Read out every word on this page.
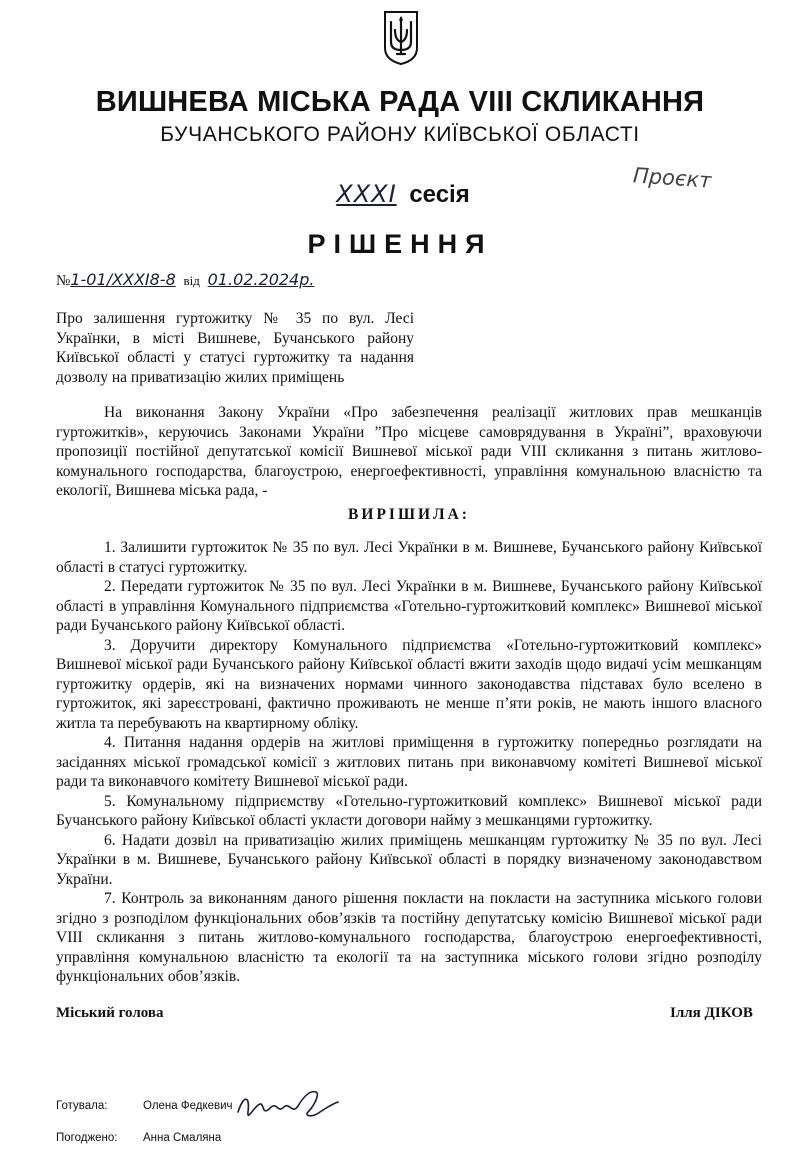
ВИШНЕВА МІСЬКА РАДА VIII СКЛИКАННЯ
БУЧАНСЬКОГО РАЙОНУ КИЇВСЬКОЇ ОБЛАСТІ
XXXI сесія
Проєкт
РІШЕННЯ
№1-01/XXXI8-8 від 01.02.2024р.
Про залишення гуртожитку № 35 по вул. Лесі Українки, в місті Вишневе, Бучанського району Київської області у статусі гуртожитку та надання дозволу на приватизацію жилих приміщень

На виконання Закону України «Про забезпечення реалізації житлових прав мешканців гуртожитків», керуючись Законами України ”Про місцеве самоврядування в Україні”, враховуючи пропозиції постійної депутатської комісії Вишневої міської ради VIII скликання з питань житлово-комунального господарства, благоустрою, енергоефективності, управління комунальною власністю та екології, Вишнева міська рада, -

ВИРІШИЛА:

1. Залишити гуртожиток № 35 по вул. Лесі Українки в м. Вишневе, Бучанського району Київської області в статусі гуртожитку.

2. Передати гуртожиток № 35 по вул. Лесі Українки в м. Вишневе, Бучанського району Київської області в управління Комунального підприємства «Готельно-гуртожитковий комплекс» Вишневої міської ради Бучанського району Київської області.

3. Доручити директору Комунального підприємства «Готельно-гуртожитковий комплекс» Вишневої міської ради Бучанського району Київської області вжити заходів щодо видачі усім мешканцям гуртожитку ордерів, які на визначених нормами чинного законодавства підставах було вселено в гуртожиток, які зареєстровані, фактично проживають не менше п’яти років, не мають іншого власного житла та перебувають на квартирному обліку.

4. Питання надання ордерів на житлові приміщення в гуртожитку попередньо розглядати на засіданнях міської громадської комісії з житлових питань при виконавчому комітеті Вишневої міської ради та виконавчого комітету Вишневої міської ради.

5. Комунальному підприємству «Готельно-гуртожитковий комплекс» Вишневої міської ради Бучанського району Київської області укласти договори найму з мешканцями гуртожитку.

6. Надати дозвіл на приватизацію жилих приміщень мешканцям гуртожитку № 35 по вул. Лесі Українки в м. Вишневе, Бучанського району Київської області в порядку визначеному законодавством України.

7. Контроль за виконанням даного рішення покласти на покласти на заступника міського голови згідно з розподілом функціональних обов’язків та постійну депутатську комісію Вишневої міської ради VIII скликання з питань житлово-комунального господарства, благоустрою енергоефективності, управління комунальною власністю та екології та на заступника міського голови згідно розподілу функціональних обов’язків.

Міський голова	Ілля ДІКОВ
Готувала:	Олена Федкевич
Погоджено: Анна Смаляна
